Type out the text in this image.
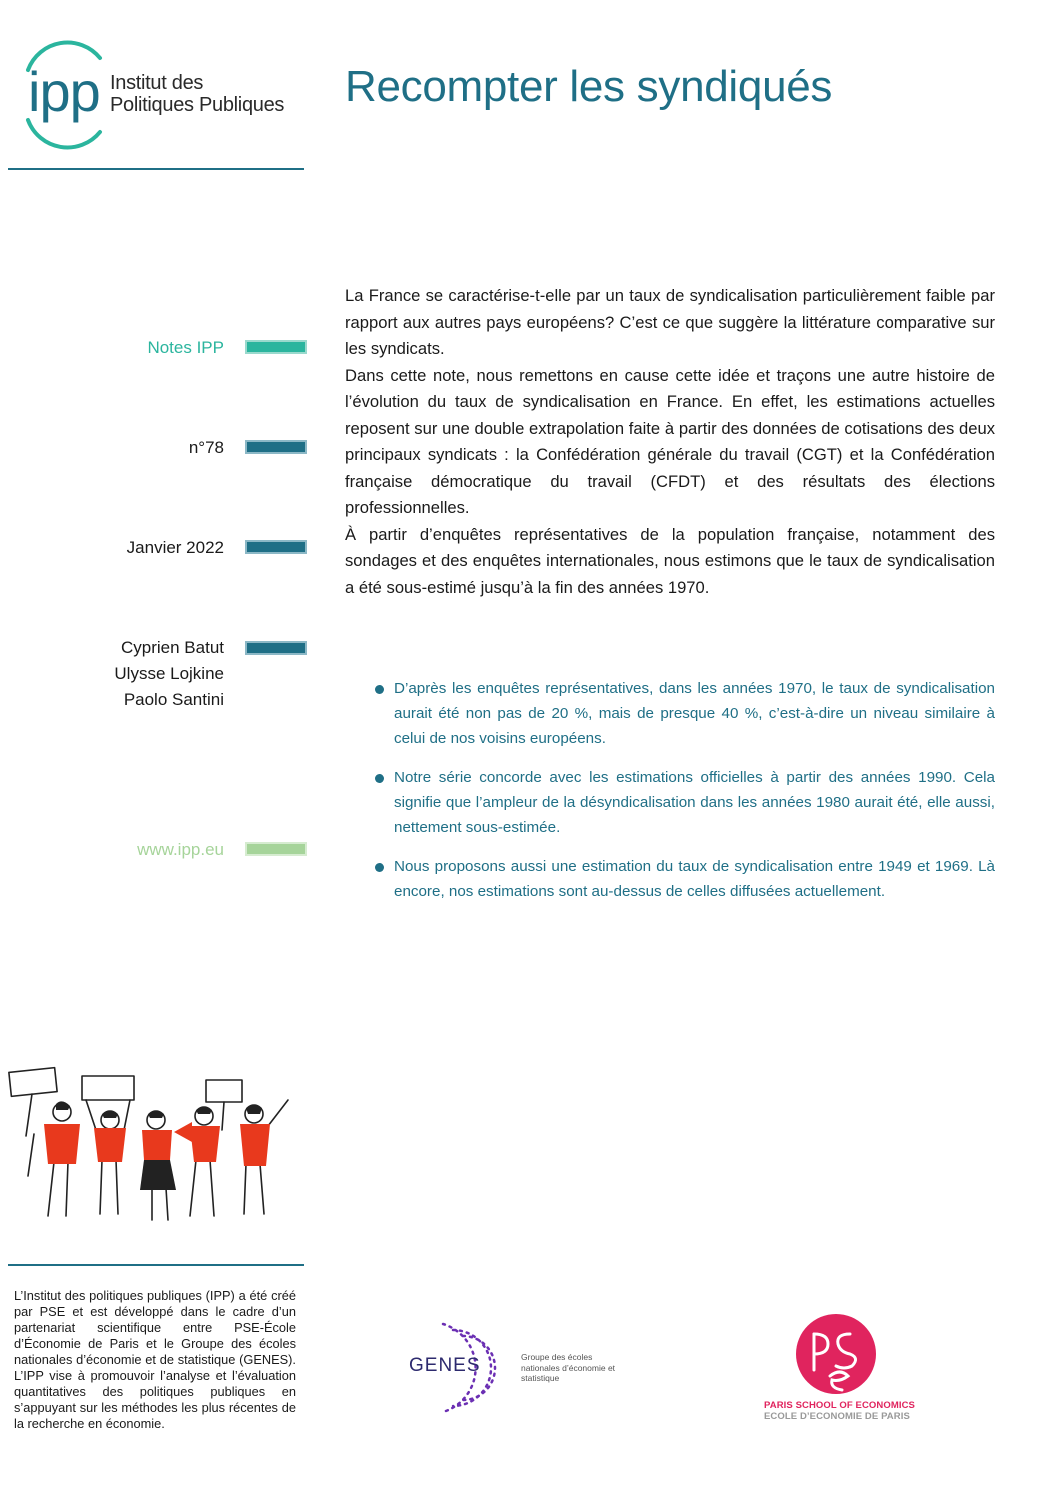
ipp Institut des
Politiques Publiques Recompter les syndiqués
Notes IPP
n°78
Janvier 2022
Cyprien Batut
Ulysse Lojkine
Paolo Santini
www.ipp.eu

La France se caractérise-t-elle par un taux de syndicalisation particulièrement faible par rapport aux autres pays européens? C’est ce que suggère la littérature comparative sur les syndicats.

Dans cette note, nous remettons en cause cette idée et traçons une autre histoire de l’évolution du taux de syndicalisation en France. En effet, les estimations actuelles reposent sur une double extrapolation faite à partir des données de cotisations des deux principaux syndicats : la Confédération générale du travail (CGT) et la Confédération française démocratique du travail (CFDT) et des résultats des élections professionnelles.

À partir d’enquêtes représentatives de la population française, notamment des sondages et des enquêtes internationales, nous estimons que le taux de syndicalisation a été sous-estimé jusqu’à la fin des années 1970.

D’après les enquêtes représentatives, dans les années 1970, le taux de syndicalisation aurait été non pas de 20 %, mais de presque 40 %, c’est-à-dire un niveau similaire à celui de nos voisins européens.
Notre série concorde avec les estimations officielles à partir des années 1990. Cela signifie que l’ampleur de la désyndicalisation dans les années 1980 aurait été, elle aussi, nettement sous-estimée.
Nous proposons aussi une estimation du taux de syndicalisation entre 1949 et 1969. Là encore, nos estimations sont au-dessus de celles diffusées actuellement.

L’Institut des politiques publiques (IPP) a été créé par PSE et est développé dans le cadre d’un partenariat scientifique entre PSE-École d’Économie de Paris et le Groupe des écoles nationales d’économie et de statistique (GENES). L’IPP vise à promouvoir l’analyse et l’évaluation quantitatives des politiques publiques en s’appuyant sur les méthodes les plus récentes de la recherche en économie.

GENES	Groupe des écoles nationales d’économie et statistique
PARIS SCHOOL OF ECONOMICS
ECOLE D’ECONOMIE DE PARIS
